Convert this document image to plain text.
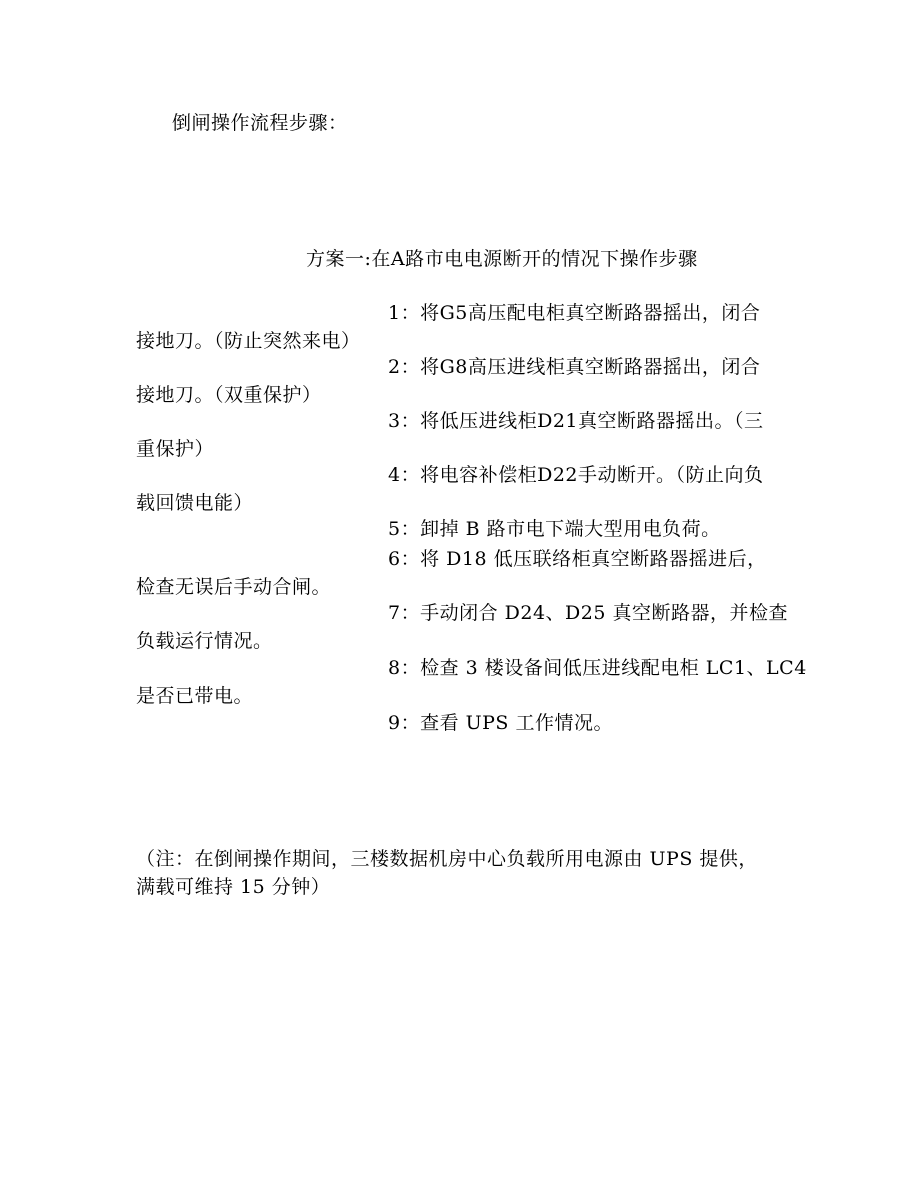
倒闸操作流程步骤：
方案一:在A路市电电源断开的情况下操作步骤
1：将G5高压配电柜真空断路器摇出，闭合
接地刀。（防止突然来电）
2：将G8高压进线柜真空断路器摇出，闭合
接地刀。（双重保护）
3：将低压进线柜D21真空断路器摇出。（三
重保护）
4：将电容补偿柜D22手动断开。（防止向负
载回馈电能）
5：卸掉 B 路市电下端大型用电负荷。
6：将 D18 低压联络柜真空断路器摇进后，
检查无误后手动合闸。
7：手动闭合 D24、D25 真空断路器，并检查
负载运行情况。
8：检查 3 楼设备间低压进线配电柜 LC1、LC4
是否已带电。
9：查看 UPS 工作情况。
（注：在倒闸操作期间，三楼数据机房中心负载所用电源由 UPS 提供，
满载可维持 15 分钟）
